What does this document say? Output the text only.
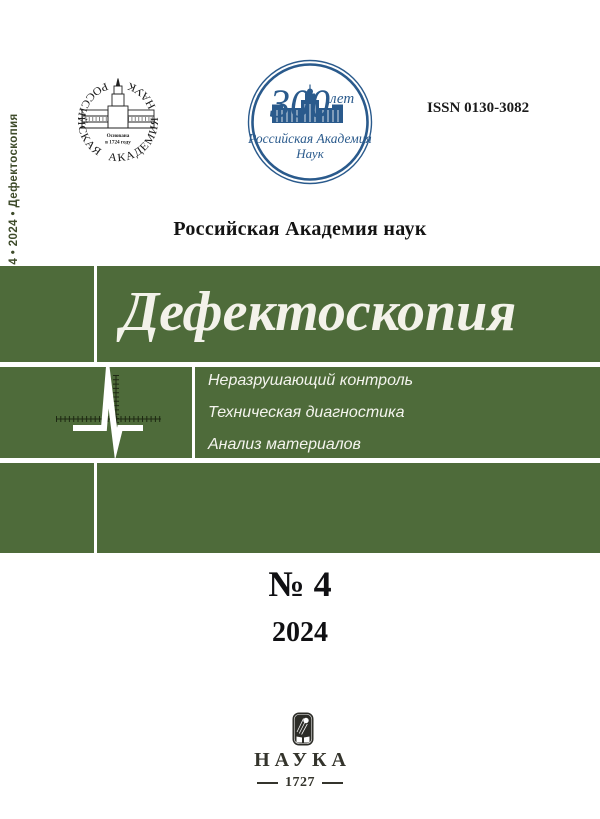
4 • 2024 • Дефектоскопия
РОССИЙСКАЯ АКАДЕМИЯ НАУК
Основана
в 1724 году
300 лет
Российская Академия
Наук
ISSN 0130-3082
Российская Академия наук
Дефектоскопия
Неразрушающий контроль
Техническая диагностика
Анализ материалов
№ 4
2024
НАУКА
1727
